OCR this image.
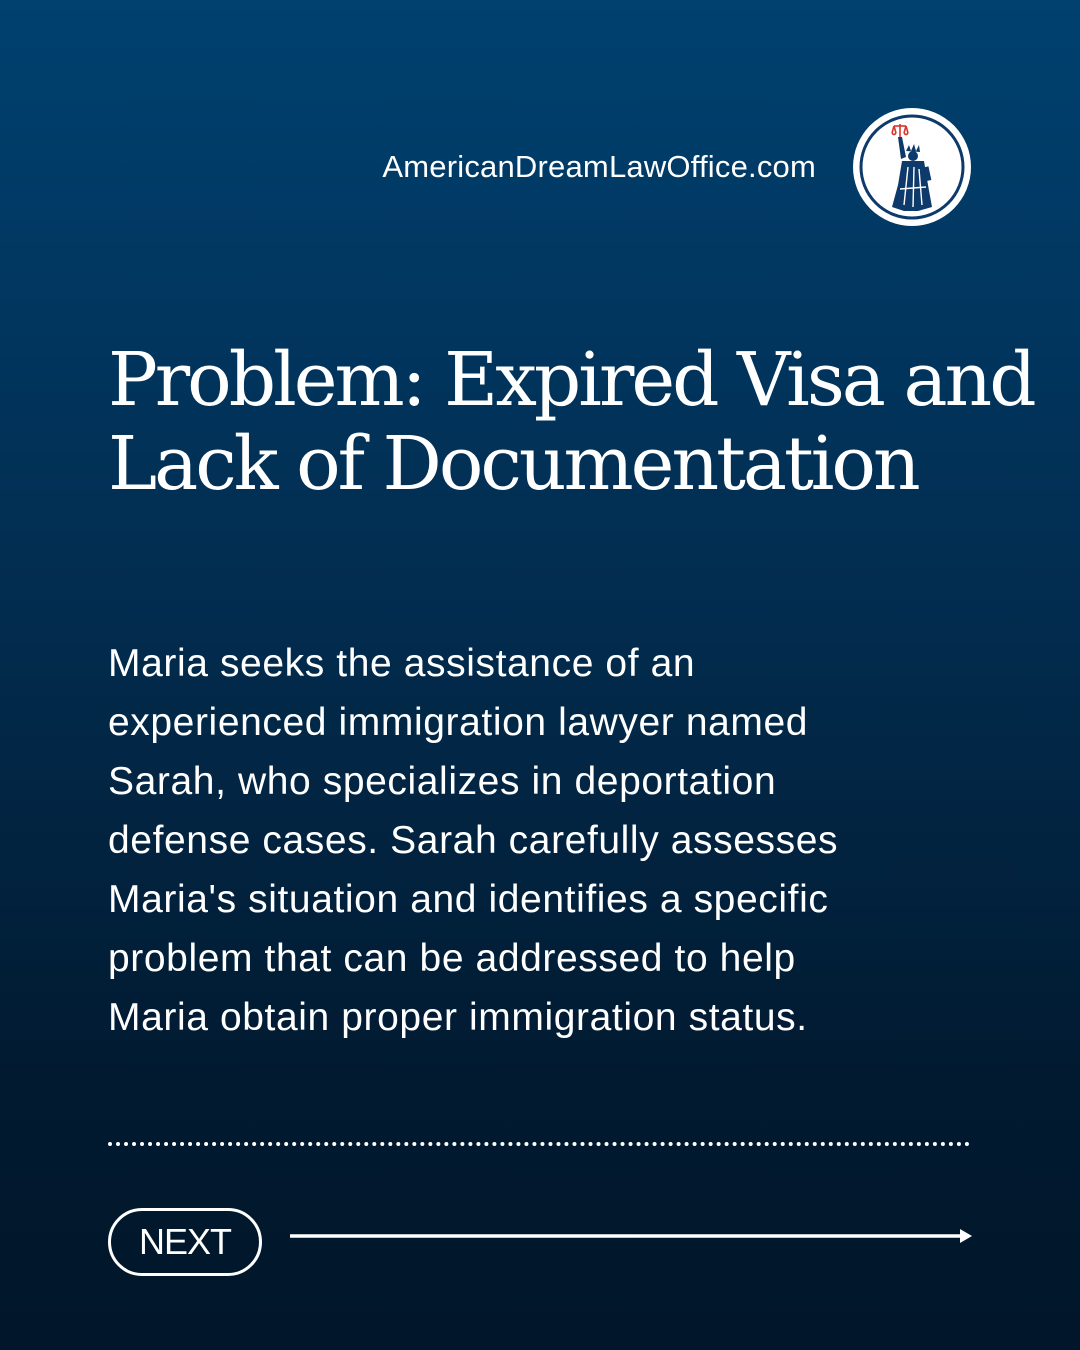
AmericanDreamLawOffice.com
Problem: Expired Visa and
Lack of Documentation

Maria seeks the assistance of an
experienced immigration lawyer named
Sarah, who specializes in deportation
defense cases. Sarah carefully assesses
Maria's situation and identifies a specific
problem that can be addressed to help
Maria obtain proper immigration status.

NEXT
